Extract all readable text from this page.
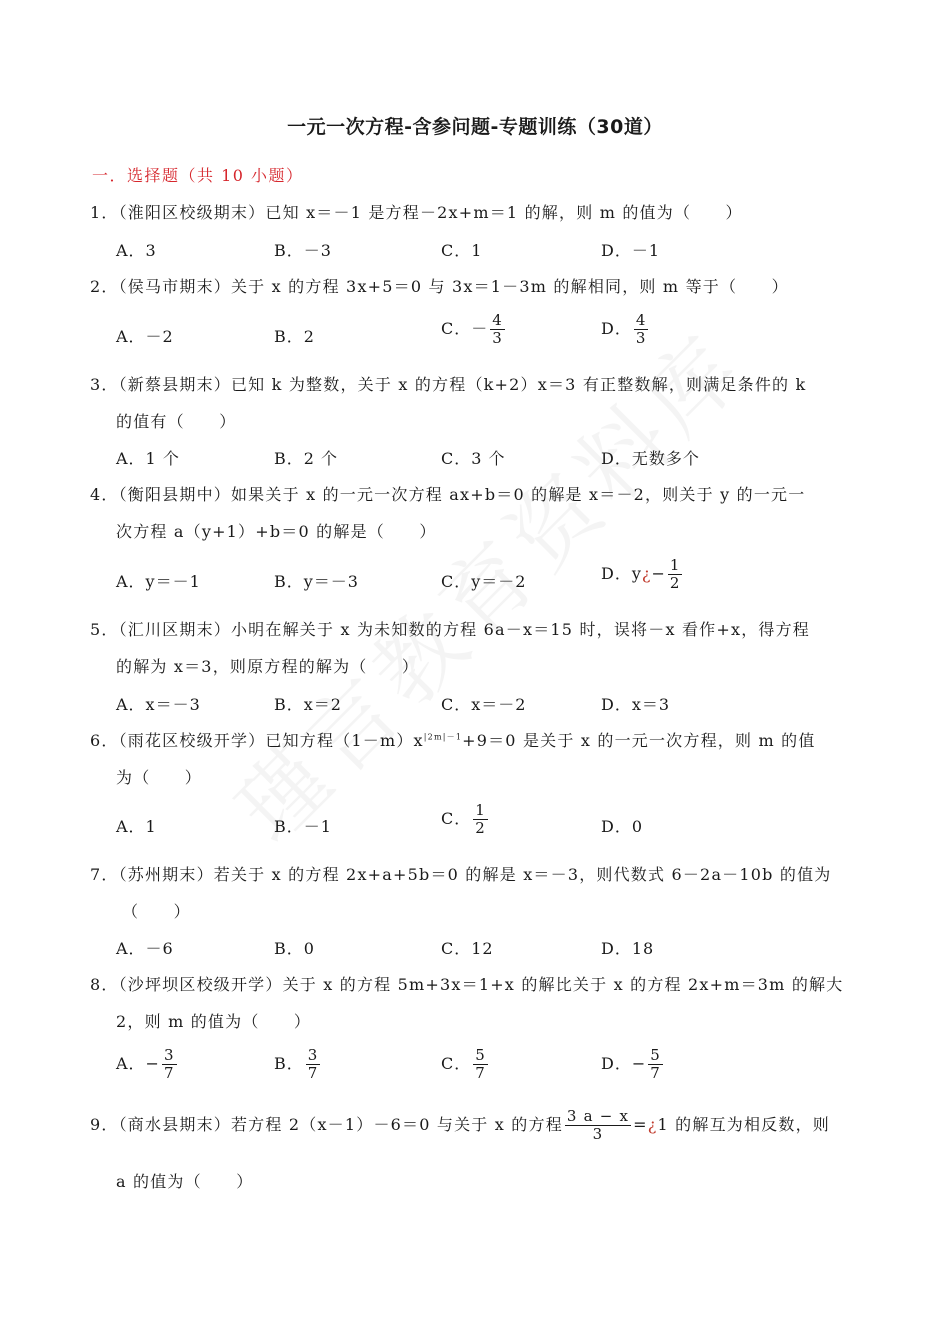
一元一次方程-含参问题-专题训练（30道）
一．选择题（共 10 小题）
1．（淮阳区校级期末）已知 x＝－1 是方程－2x+m＝1 的解，则 m 的值为（　　）
A．3	B．－3	C．1	D．－1
2．（侯马市期末）关于 x 的方程 3x+5＝0 与 3x＝1－3m 的解相同，则 m 等于（　　）
A．－2	B．2	C．－ $\frac{4}{3}$	D． $\frac{4}{3}$
3．（新蔡县期末）已知 k 为整数，关于 x 的方程（k+2）x＝3 有正整数解，则满足条件的 k
的值有（　　）
A．1 个	B．2 个	C．3 个	D．无数多个
4．（衡阳县期中）如果关于 x 的一元一次方程 ax+b＝0 的解是 x＝－2，则关于 y 的一元一
次方程 a（y+1）+b＝0 的解是（　　）
A．y＝－1	B．y＝－3	C．y＝－2	D．y¿− $\frac{1}{2}$
5．（汇川区期末）小明在解关于 x 为未知数的方程 6a－x＝15 时，误将－x 看作+x，得方程
的解为 x＝3，则原方程的解为（　　）
A．x＝－3	B．x＝2	C．x＝－2	D．x＝3
6．（雨花区校级开学）已知方程$(1-m)x^{|2m|-1}+9=0$ 是关于 x 的一元一次方程，则 m 的值
为（　　）
A．1	B．－1	C． $\frac{1}{2}$	D．0
7．（苏州期末）若关于 x 的方程 2x+a+5b＝0 的解是 x＝－3，则代数式 6－2a－10b 的值为
（　　）
A．－6	B．0	C．12	D．18
8．（沙坪坝区校级开学）关于 x 的方程 5m+3x＝1+x 的解比关于 x 的方程 2x+m＝3m 的解大
2，则 m 的值为（　　）
A．− $\frac{3}{7}$	B． $\frac{3}{7}$	C． $\frac{5}{7}$	D．− $\frac{5}{7}$
9．（商水县期末）若方程 2（x－1）－6＝0 与关于 x 的方程 $\frac{3 a - x}{3}$ =¿1 的解互为相反数，则
a 的值为（　　）
